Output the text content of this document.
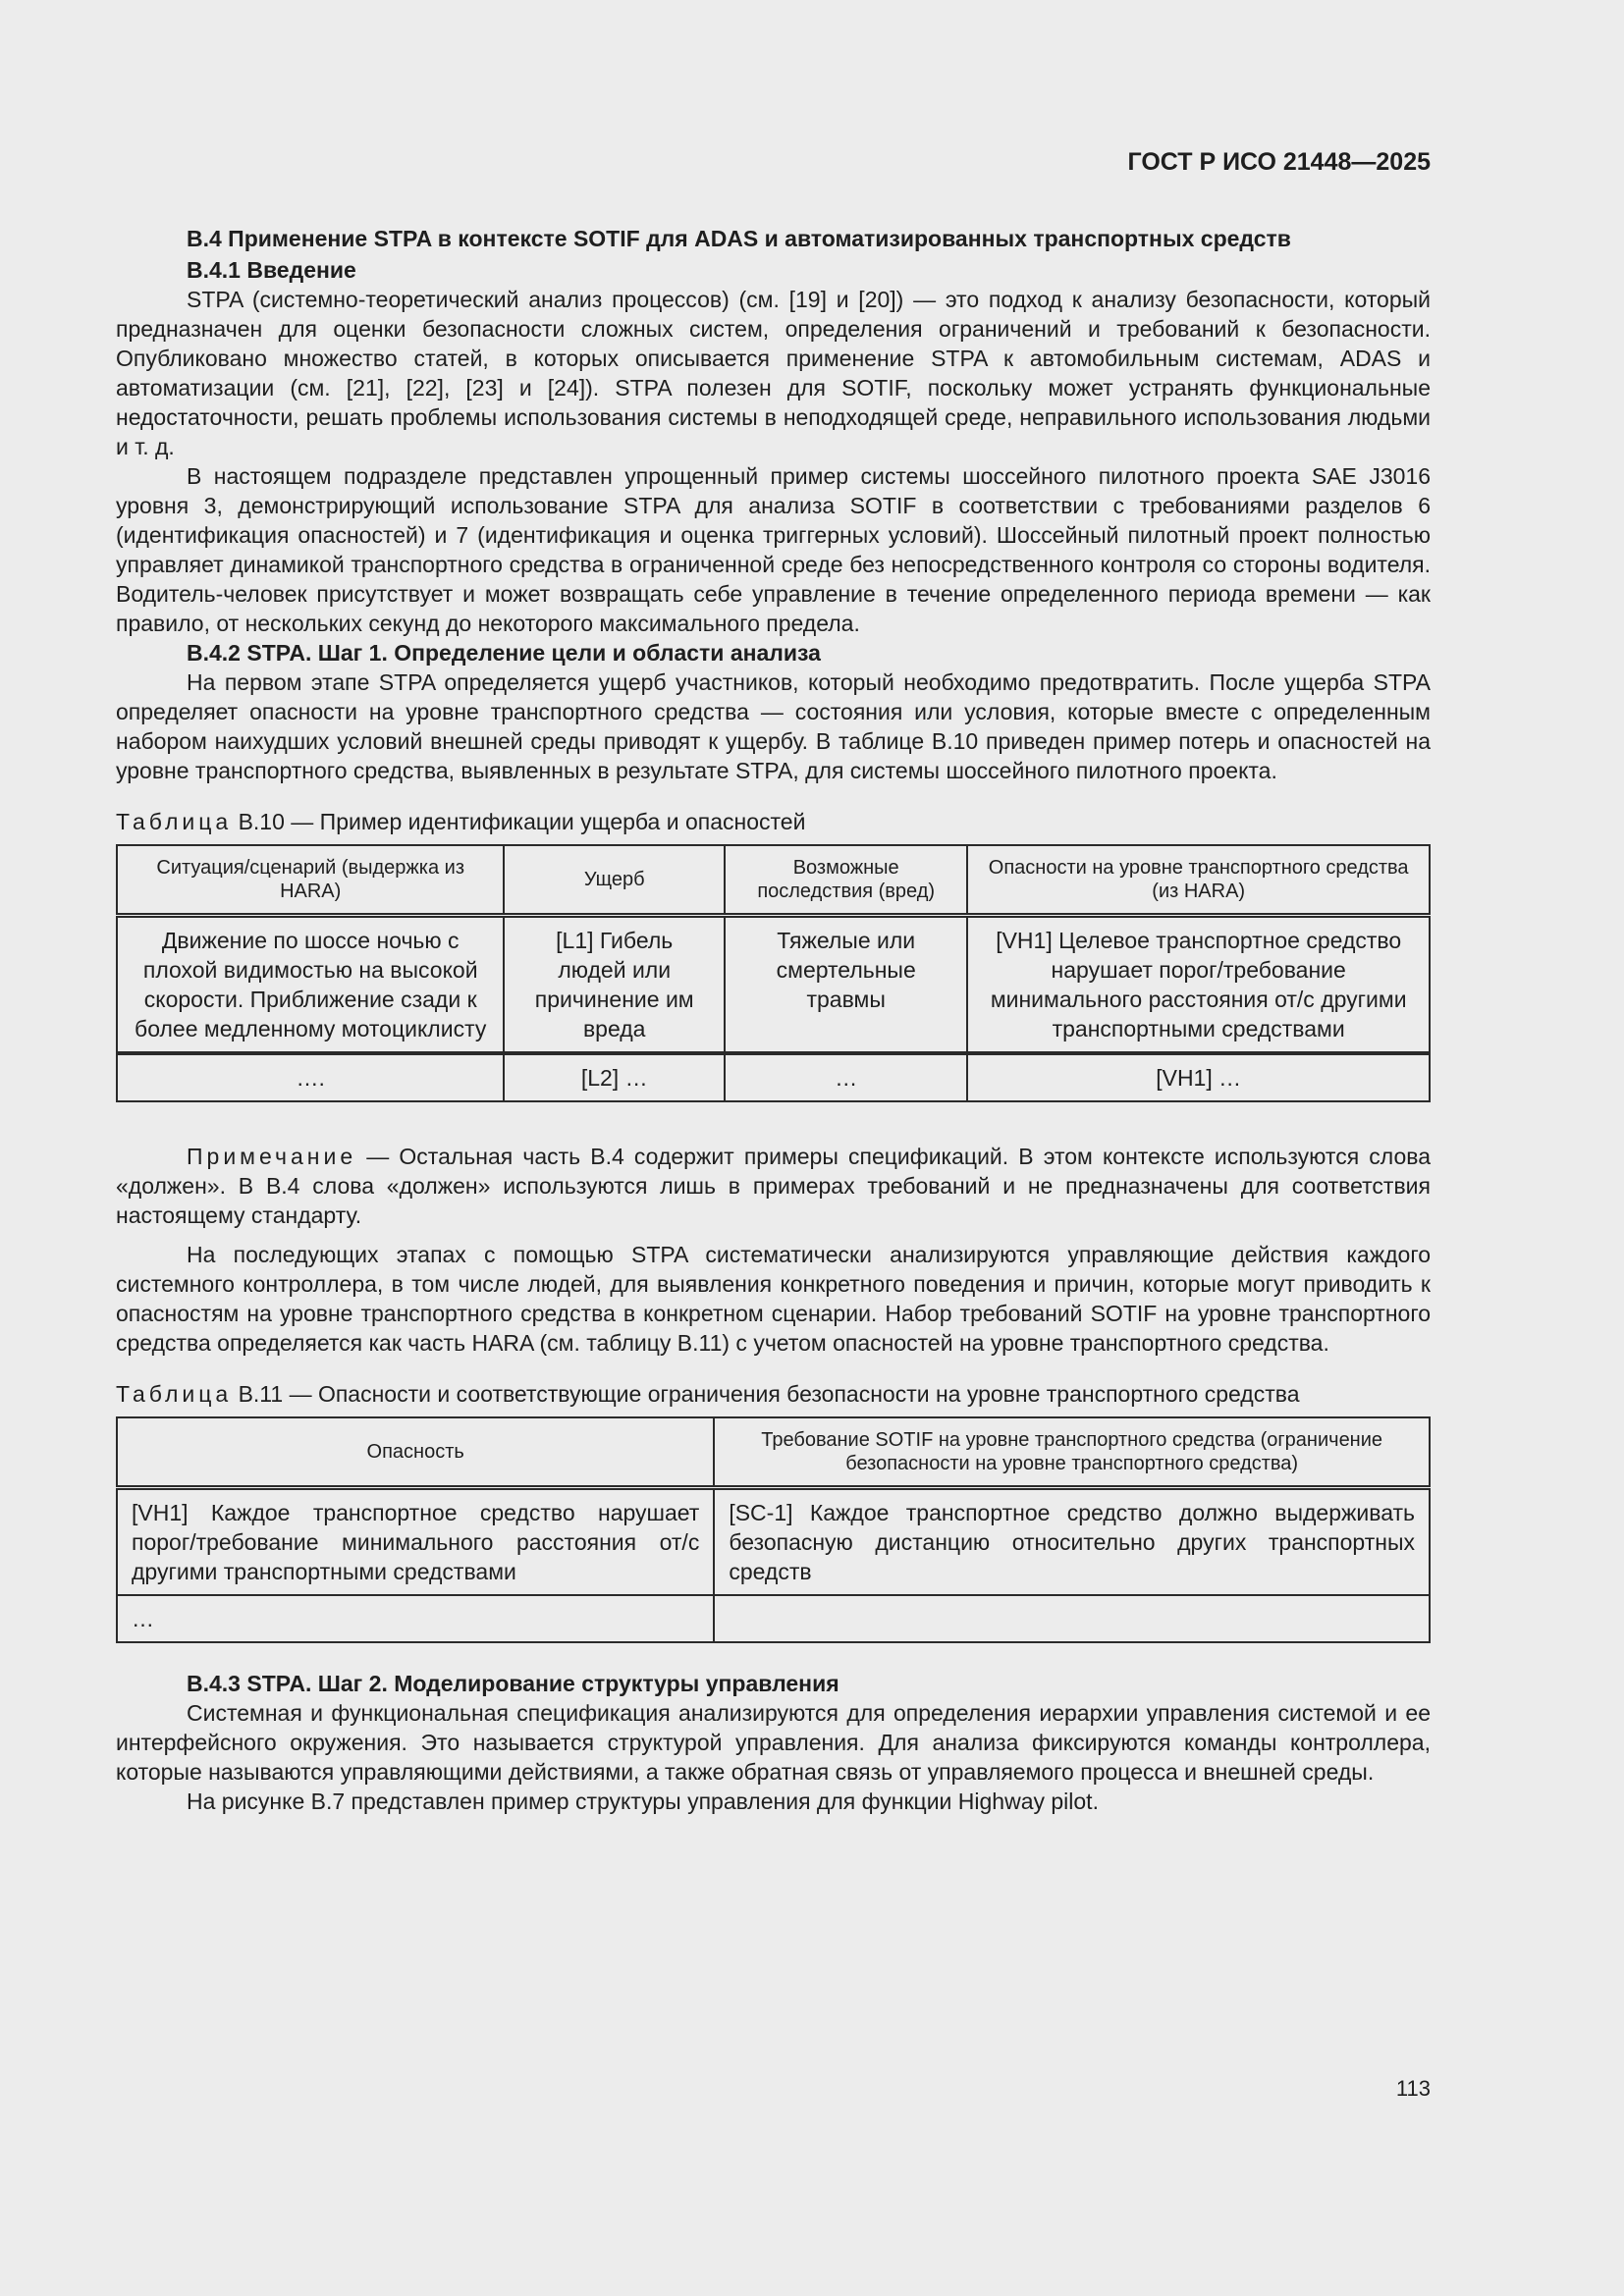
ГОСТ Р ИСО 21448—2025
B.4 Применение STPA в контексте SOTIF для ADAS и автоматизированных транспортных средств
B.4.1 Введение

STPA (системно-теоретический анализ процессов) (см. [19] и [20]) — это подход к анализу безопасности, который предназначен для оценки безопасности сложных систем, определения ограничений и требований к безопасности. Опубликовано множество статей, в которых описывается применение STPA к автомобильным системам, ADAS и автоматизации (см. [21], [22], [23] и [24]). STPA полезен для SOTIF, поскольку может устранять функциональные недостаточности, решать проблемы использования системы в неподходящей среде, неправильного использования людьми и т. д.

В настоящем подразделе представлен упрощенный пример системы шоссейного пилотного проекта SAE J3016 уровня 3, демонстрирующий использование STPA для анализа SOTIF в соответствии с требованиями разделов 6 (идентификация опасностей) и 7 (идентификация и оценка триггерных условий). Шоссейный пилотный проект полностью управляет динамикой транспортного средства в ограниченной среде без непосредственного контроля со стороны водителя. Водитель-человек присутствует и может возвращать себе управление в течение определенного периода времени — как правило, от нескольких секунд до некоторого максимального предела.

B.4.2 STPA. Шаг 1. Определение цели и области анализа

На первом этапе STPA определяется ущерб участников, который необходимо предотвратить. После ущерба STPA определяет опасности на уровне транспортного средства — состояния или условия, которые вместе с определенным набором наихудших условий внешней среды приводят к ущербу. В таблице B.10 приведен пример потерь и опасностей на уровне транспортного средства, выявленных в результате STPA, для системы шоссейного пилотного проекта.

Таблица B.10 — Пример идентификации ущерба и опасностей
Ситуация/сценарий (выдержка из HARA)	Ущерб	Возможные последствия (вред)	Опасности на уровне транспортного средства (из HARA)
Движение по шоссе ночью с плохой видимостью на высокой скорости. Приближение сзади к более медленному мотоциклисту	[L1] Гибель людей или причинение им вреда	Тяжелые или смертельные травмы	[VH1] Целевое транспортное средство нарушает порог/требование минимального расстояния от/с другими транспортными средствами
….	[L2] …	…	[VH1] …

Примечание — Остальная часть B.4 содержит примеры спецификаций. В этом контексте используются слова «должен». В B.4 слова «должен» используются лишь в примерах требований и не предназначены для соответствия настоящему стандарту.

На последующих этапах с помощью STPA систематически анализируются управляющие действия каждого системного контроллера, в том числе людей, для выявления конкретного поведения и причин, которые могут приводить к опасностям на уровне транспортного средства в конкретном сценарии. Набор требований SOTIF на уровне транспортного средства определяется как часть HARA (см. таблицу B.11) с учетом опасностей на уровне транспортного средства.

Таблица B.11 — Опасности и соответствующие ограничения безопасности на уровне транспортного средства
Опасность	Требование SOTIF на уровне транспортного средства (ограничение безопасности на уровне транспортного средства)
[VH1] Каждое транспортное средство нарушает порог/требование минимального расстояния от/с другими транспортными средствами	[SC-1] Каждое транспортное средство должно выдерживать безопасную дистанцию относительно других транспортных средств
…	
B.4.3 STPA. Шаг 2. Моделирование структуры управления

Системная и функциональная спецификация анализируются для определения иерархии управления системой и ее интерфейсного окружения. Это называется структурой управления. Для анализа фиксируются команды контроллера, которые называются управляющими действиями, а также обратная связь от управляемого процесса и внешней среды.

На рисунке B.7 представлен пример структуры управления для функции Highway pilot.

113
